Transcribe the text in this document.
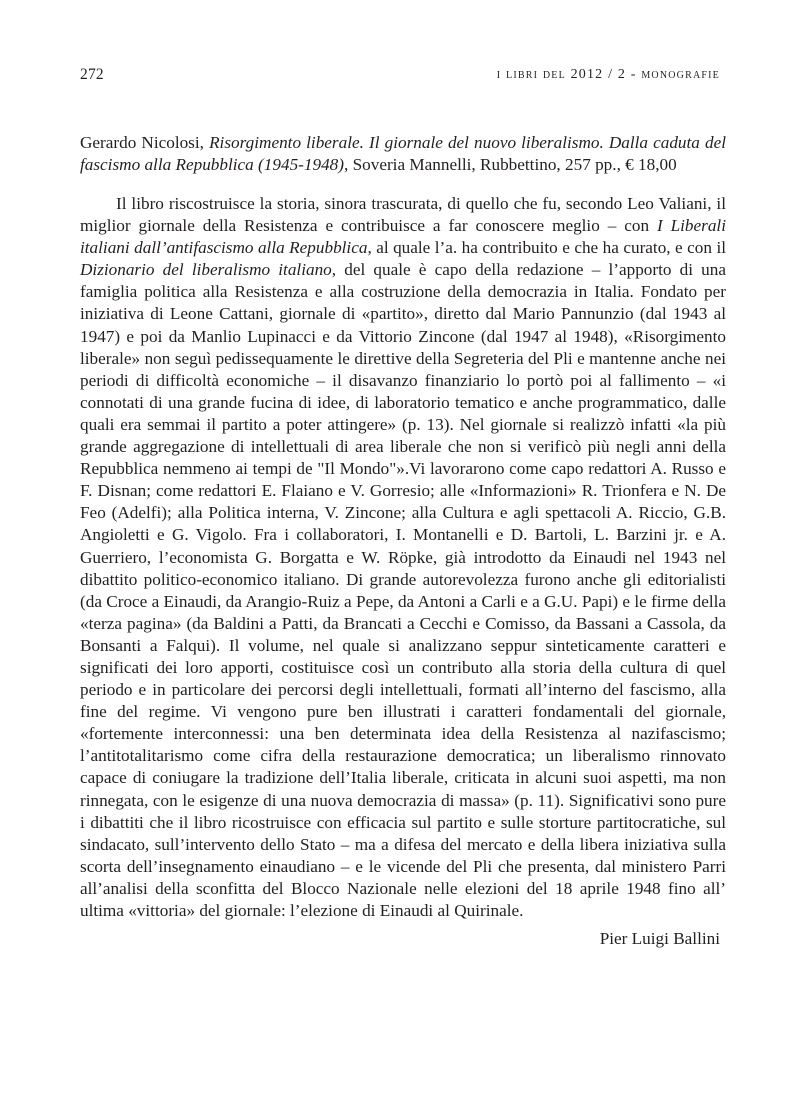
272	i libri del 2012 / 2 - monografie
Gerardo Nicolosi, Risorgimento liberale. Il giornale del nuovo liberalismo. Dalla caduta del fascismo alla Repubblica (1945-1948), Soveria Mannelli, Rubbettino, 257 pp., € 18,00
Il libro riscostruisce la storia, sinora trascurata, di quello che fu, secondo Leo Valiani, il miglior giornale della Resistenza e contribuisce a far conoscere meglio – con I Liberali italiani dall’antifascismo alla Repubblica, al quale l’a. ha contribuito e che ha curato, e con il Dizionario del liberalismo italiano, del quale è capo della redazione – l’apporto di una famiglia politica alla Resistenza e alla costruzione della democrazia in Italia. Fondato per iniziativa di Leone Cattani, giornale di «partito», diretto dal Mario Pannunzio (dal 1943 al 1947) e poi da Manlio Lupinacci e da Vittorio Zincone (dal 1947 al 1948), «Risorgimento liberale» non seguì pedissequamente le direttive della Segreteria del Pli e mantenne anche nei periodi di difficoltà economiche – il disavanzo finanziario lo portò poi al fallimento – «i connotati di una grande fucina di idee, di laboratorio tematico e anche programmatico, dalle quali era semmai il partito a poter attingere» (p. 13). Nel giornale si realizzò infatti «la più grande aggregazione di intellettuali di area liberale che non si verificò più negli anni della Repubblica nemmeno ai tempi de "Il Mondo"».Vi lavorarono come capo redattori A. Russo e F. Disnan; come redattori E. Flaiano e V. Gorresio; alle «Informazioni» R. Trionfera e N. De Feo (Adelfi); alla Politica interna, V. Zincone; alla Cultura e agli spettacoli A. Riccio, G.B. Angioletti e G. Vigolo. Fra i collaboratori, I. Montanelli e D. Bartoli, L. Barzini jr. e A. Guerriero, l’economista G. Borgatta e W. Röpke, già introdotto da Einaudi nel 1943 nel dibattito politico-economico italiano. Di grande autorevolezza furono anche gli editorialisti (da Croce a Einaudi, da Arangio-Ruiz a Pepe, da Antoni a Carli e a G.U. Papi) e le firme della «terza pagina» (da Baldini a Patti, da Brancati a Cecchi e Comisso, da Bassani a Cassola, da Bonsanti a Falqui). Il volume, nel quale si analizzano seppur sinteticamente caratteri e significati dei loro apporti, costituisce così un contributo alla storia della cultura di quel periodo e in particolare dei percorsi degli intellettuali, formati all’interno del fascismo, alla fine del regime. Vi vengono pure ben illustrati i caratteri fondamentali del giornale, «fortemente interconnessi: una ben determinata idea della Resistenza al nazifascismo; l’antitotalitarismo come cifra della restaurazione democratica; un liberalismo rinnovato capace di coniugare la tradizione dell’Italia liberale, criticata in alcuni suoi aspetti, ma non rinnegata, con le esigenze di una nuova democrazia di massa» (p. 11). Significativi sono pure i dibattiti che il libro ricostruisce con efficacia sul partito e sulle storture partitocratiche, sul sindacato, sull’intervento dello Stato – ma a difesa del mercato e della libera iniziativa sulla scorta dell’insegnamento einaudiano – e le vicende del Pli che presenta, dal ministero Parri all’analisi della sconfitta del Blocco Nazionale nelle elezioni del 18 aprile 1948 fino all’ ultima «vittoria» del giornale: l’elezione di Einaudi al Quirinale.
Pier Luigi Ballini
